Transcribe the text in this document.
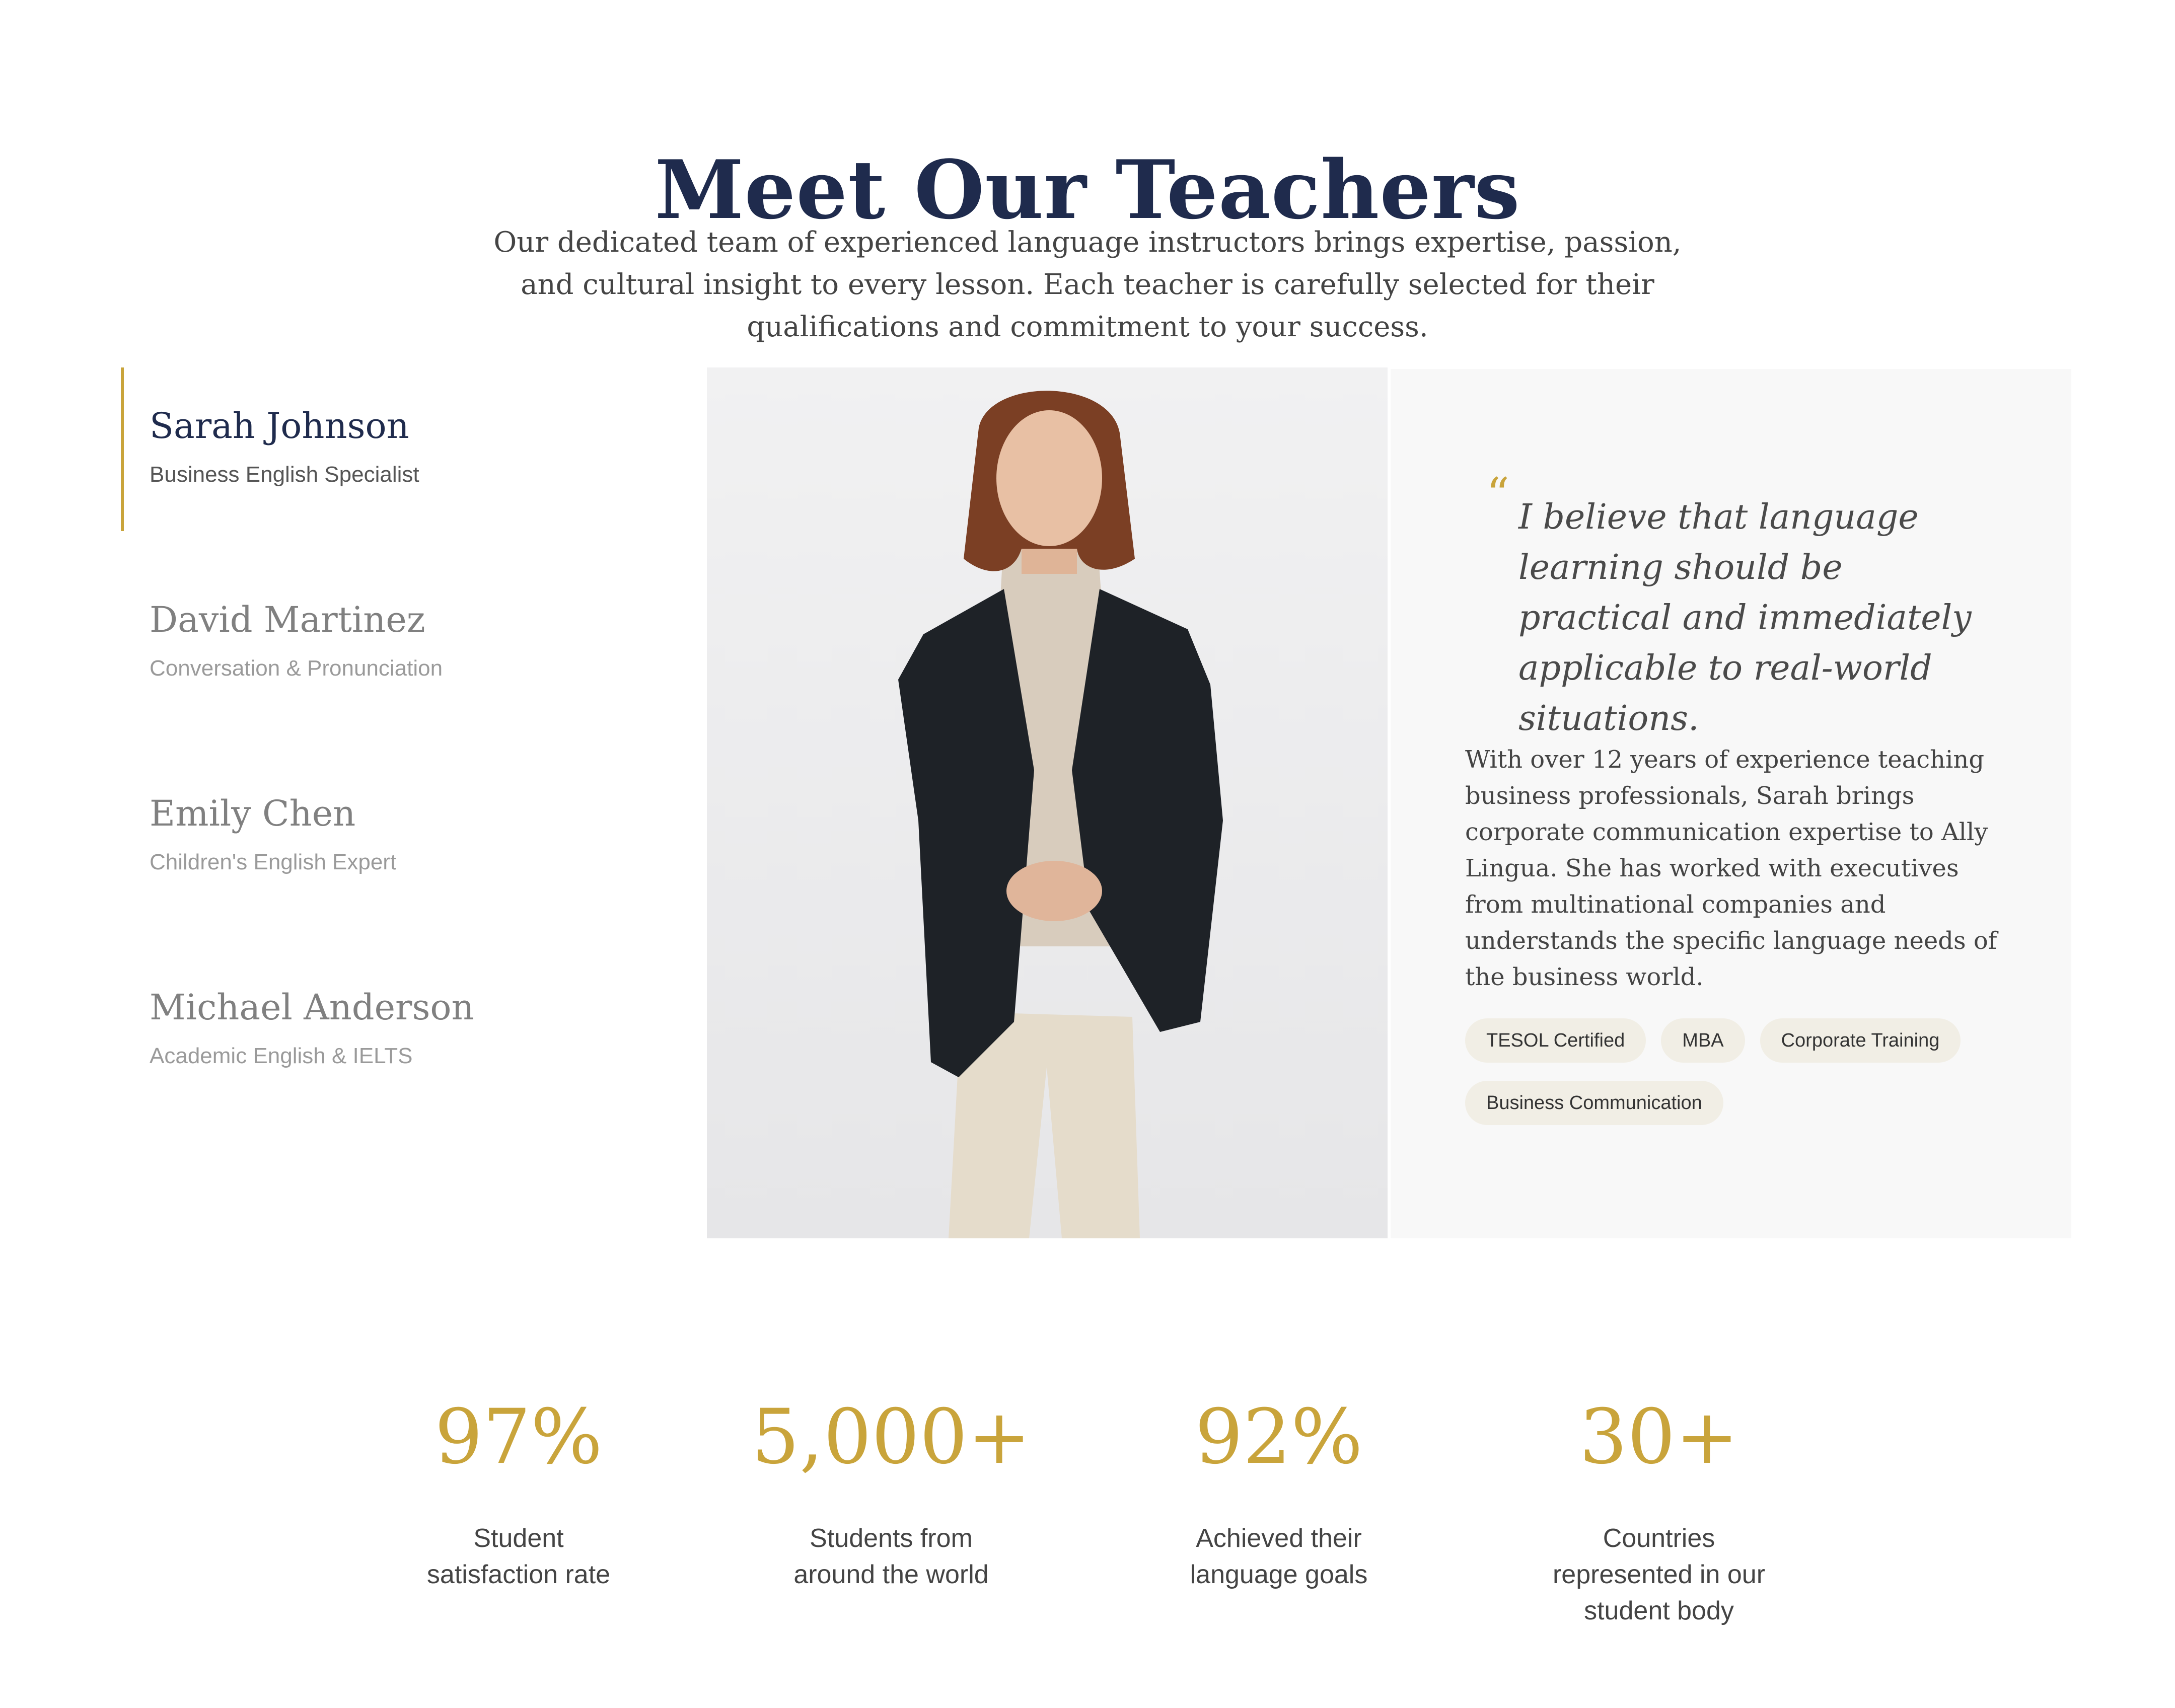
Meet Our Teachers

Our dedicated team of experienced language instructors brings expertise, passion, and cultural insight to every lesson. Each teacher is carefully selected for their qualifications and commitment to your success.

Sarah Johnson
Business English Specialist
David Martinez
Conversation & Pronunciation
Emily Chen
Children's English Expert
Michael Anderson
Academic English & IELTS
“ I believe that language learning should be practical and immediately applicable to real-world situations.
With over 12 years of experience teaching business professionals, Sarah brings corporate communication expertise to Ally Lingua. She has worked with executives from multinational companies and understands the specific language needs of the business world.
TESOL Certified	MBA	Corporate Training
Business Communication
97%
Student satisfaction rate
5,000+
Students from around the world
92%
Achieved their language goals
30+
Countries represented in our student body
